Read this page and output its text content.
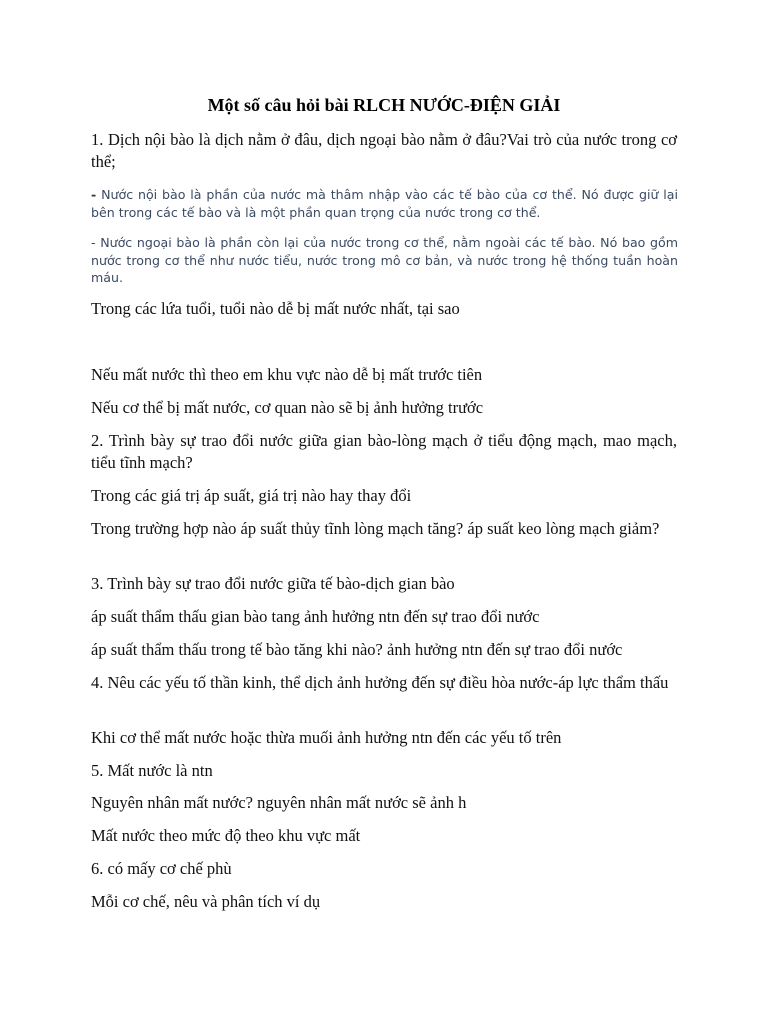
Một số câu hỏi bài RLCH NƯỚC-ĐIỆN GIẢI
1. Dịch nội bào là dịch nằm ở đâu, dịch ngoại bào nằm ở đâu?Vai trò của nước trong cơ thể;
- Nước nội bào là phần của nước mà thâm nhập vào các tế bào của cơ thể. Nó được giữ lại bên trong các tế bào và là một phần quan trọng của nước trong cơ thể.
- Nước ngoại bào là phần còn lại của nước trong cơ thể, nằm ngoài các tế bào. Nó bao gồm nước trong cơ thể như nước tiểu, nước trong mô cơ bản, và nước trong hệ thống tuần hoàn máu.
Trong các lứa tuổi, tuổi nào dễ bị mất nước nhất, tại sao
Nếu mất nước thì theo em khu vực nào dễ bị mất trước tiên
Nếu cơ thể bị mất nước, cơ quan nào sẽ bị ảnh hưởng trước
2. Trình bày sự trao đổi nước giữa gian bào-lòng mạch ở tiểu động mạch, mao mạch, tiểu tĩnh mạch?
Trong các giá trị áp suất, giá trị nào hay thay đổi
Trong trường hợp nào áp suất thủy tĩnh lòng mạch tăng? áp suất keo lòng mạch giảm?
3. Trình bày sự trao đổi nước giữa tế bào-dịch gian bào
áp suất thẩm thấu gian bào tang ảnh hưởng ntn đến sự trao đổi nước
áp suất thẩm thấu trong tế bào tăng khi nào? ảnh hưởng ntn đến sự trao đổi nước
4. Nêu các yếu tố thần kinh, thể dịch ảnh hưởng đến sự điều hòa nước-áp lực thẩm thấu
Khi cơ thể mất nước hoặc thừa muối ảnh hưởng ntn đến các yếu tố trên
5. Mất nước là ntn
Nguyên nhân mất nước? nguyên nhân mất nước sẽ ảnh h
Mất nước theo mức độ theo khu vực mất
6. có mấy cơ chế phù
Mỗi cơ chế, nêu và phân tích ví dụ
